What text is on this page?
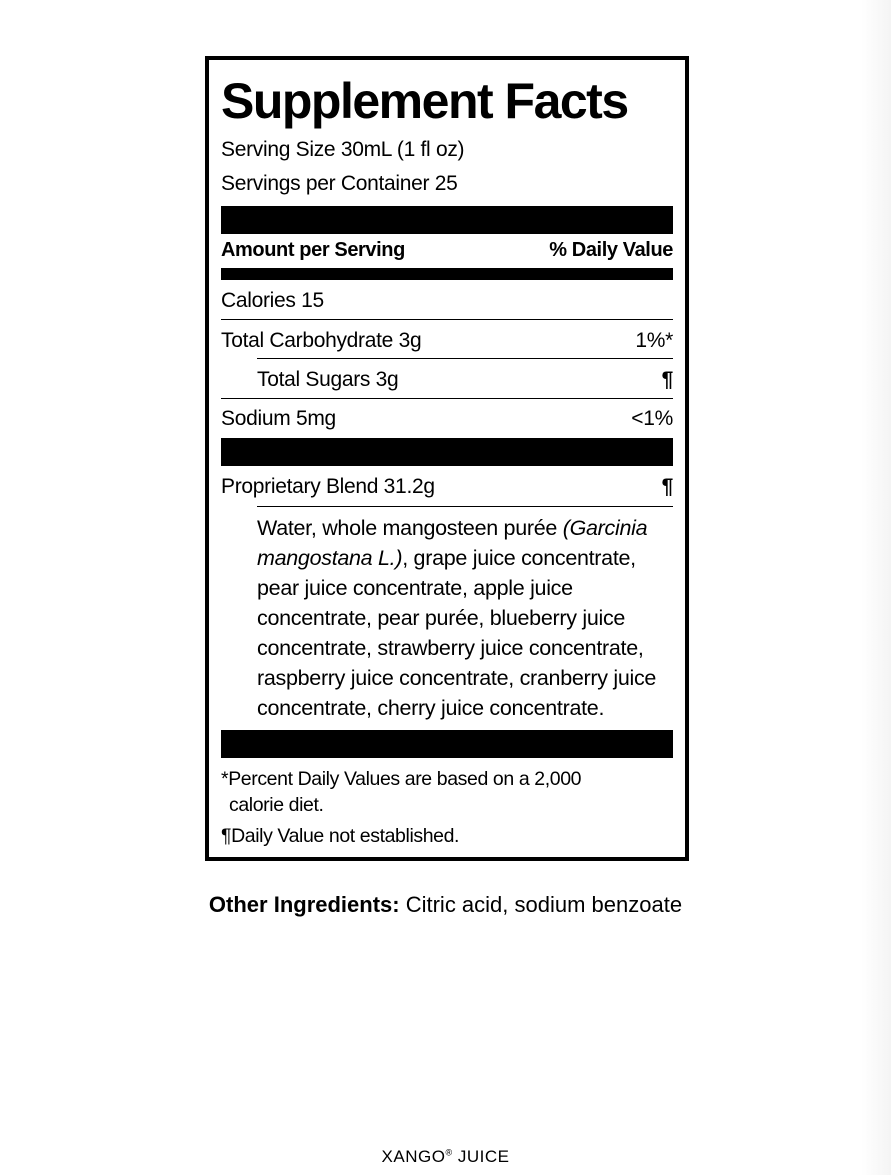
Supplement Facts
Serving Size 30mL (1 fl oz)
Servings per Container 25
Amount per Serving	% Daily Value
Calories 15
Total Carbohydrate 3g	1%*
Total Sugars 3g	¶
Sodium 5mg	<1%
Proprietary Blend 31.2g	¶

Water, whole mangosteen purée (Garcinia

mangostana L.), grape juice concentrate,

pear juice concentrate, apple juice

concentrate, pear purée, blueberry juice

concentrate, strawberry juice concentrate,

raspberry juice concentrate, cranberry juice

concentrate, cherry juice concentrate.

*Percent Daily Values are based on a 2,000
calorie diet.
¶Daily Value not established.
Other Ingredients: Citric acid, sodium benzoate
XANGO® JUICE
